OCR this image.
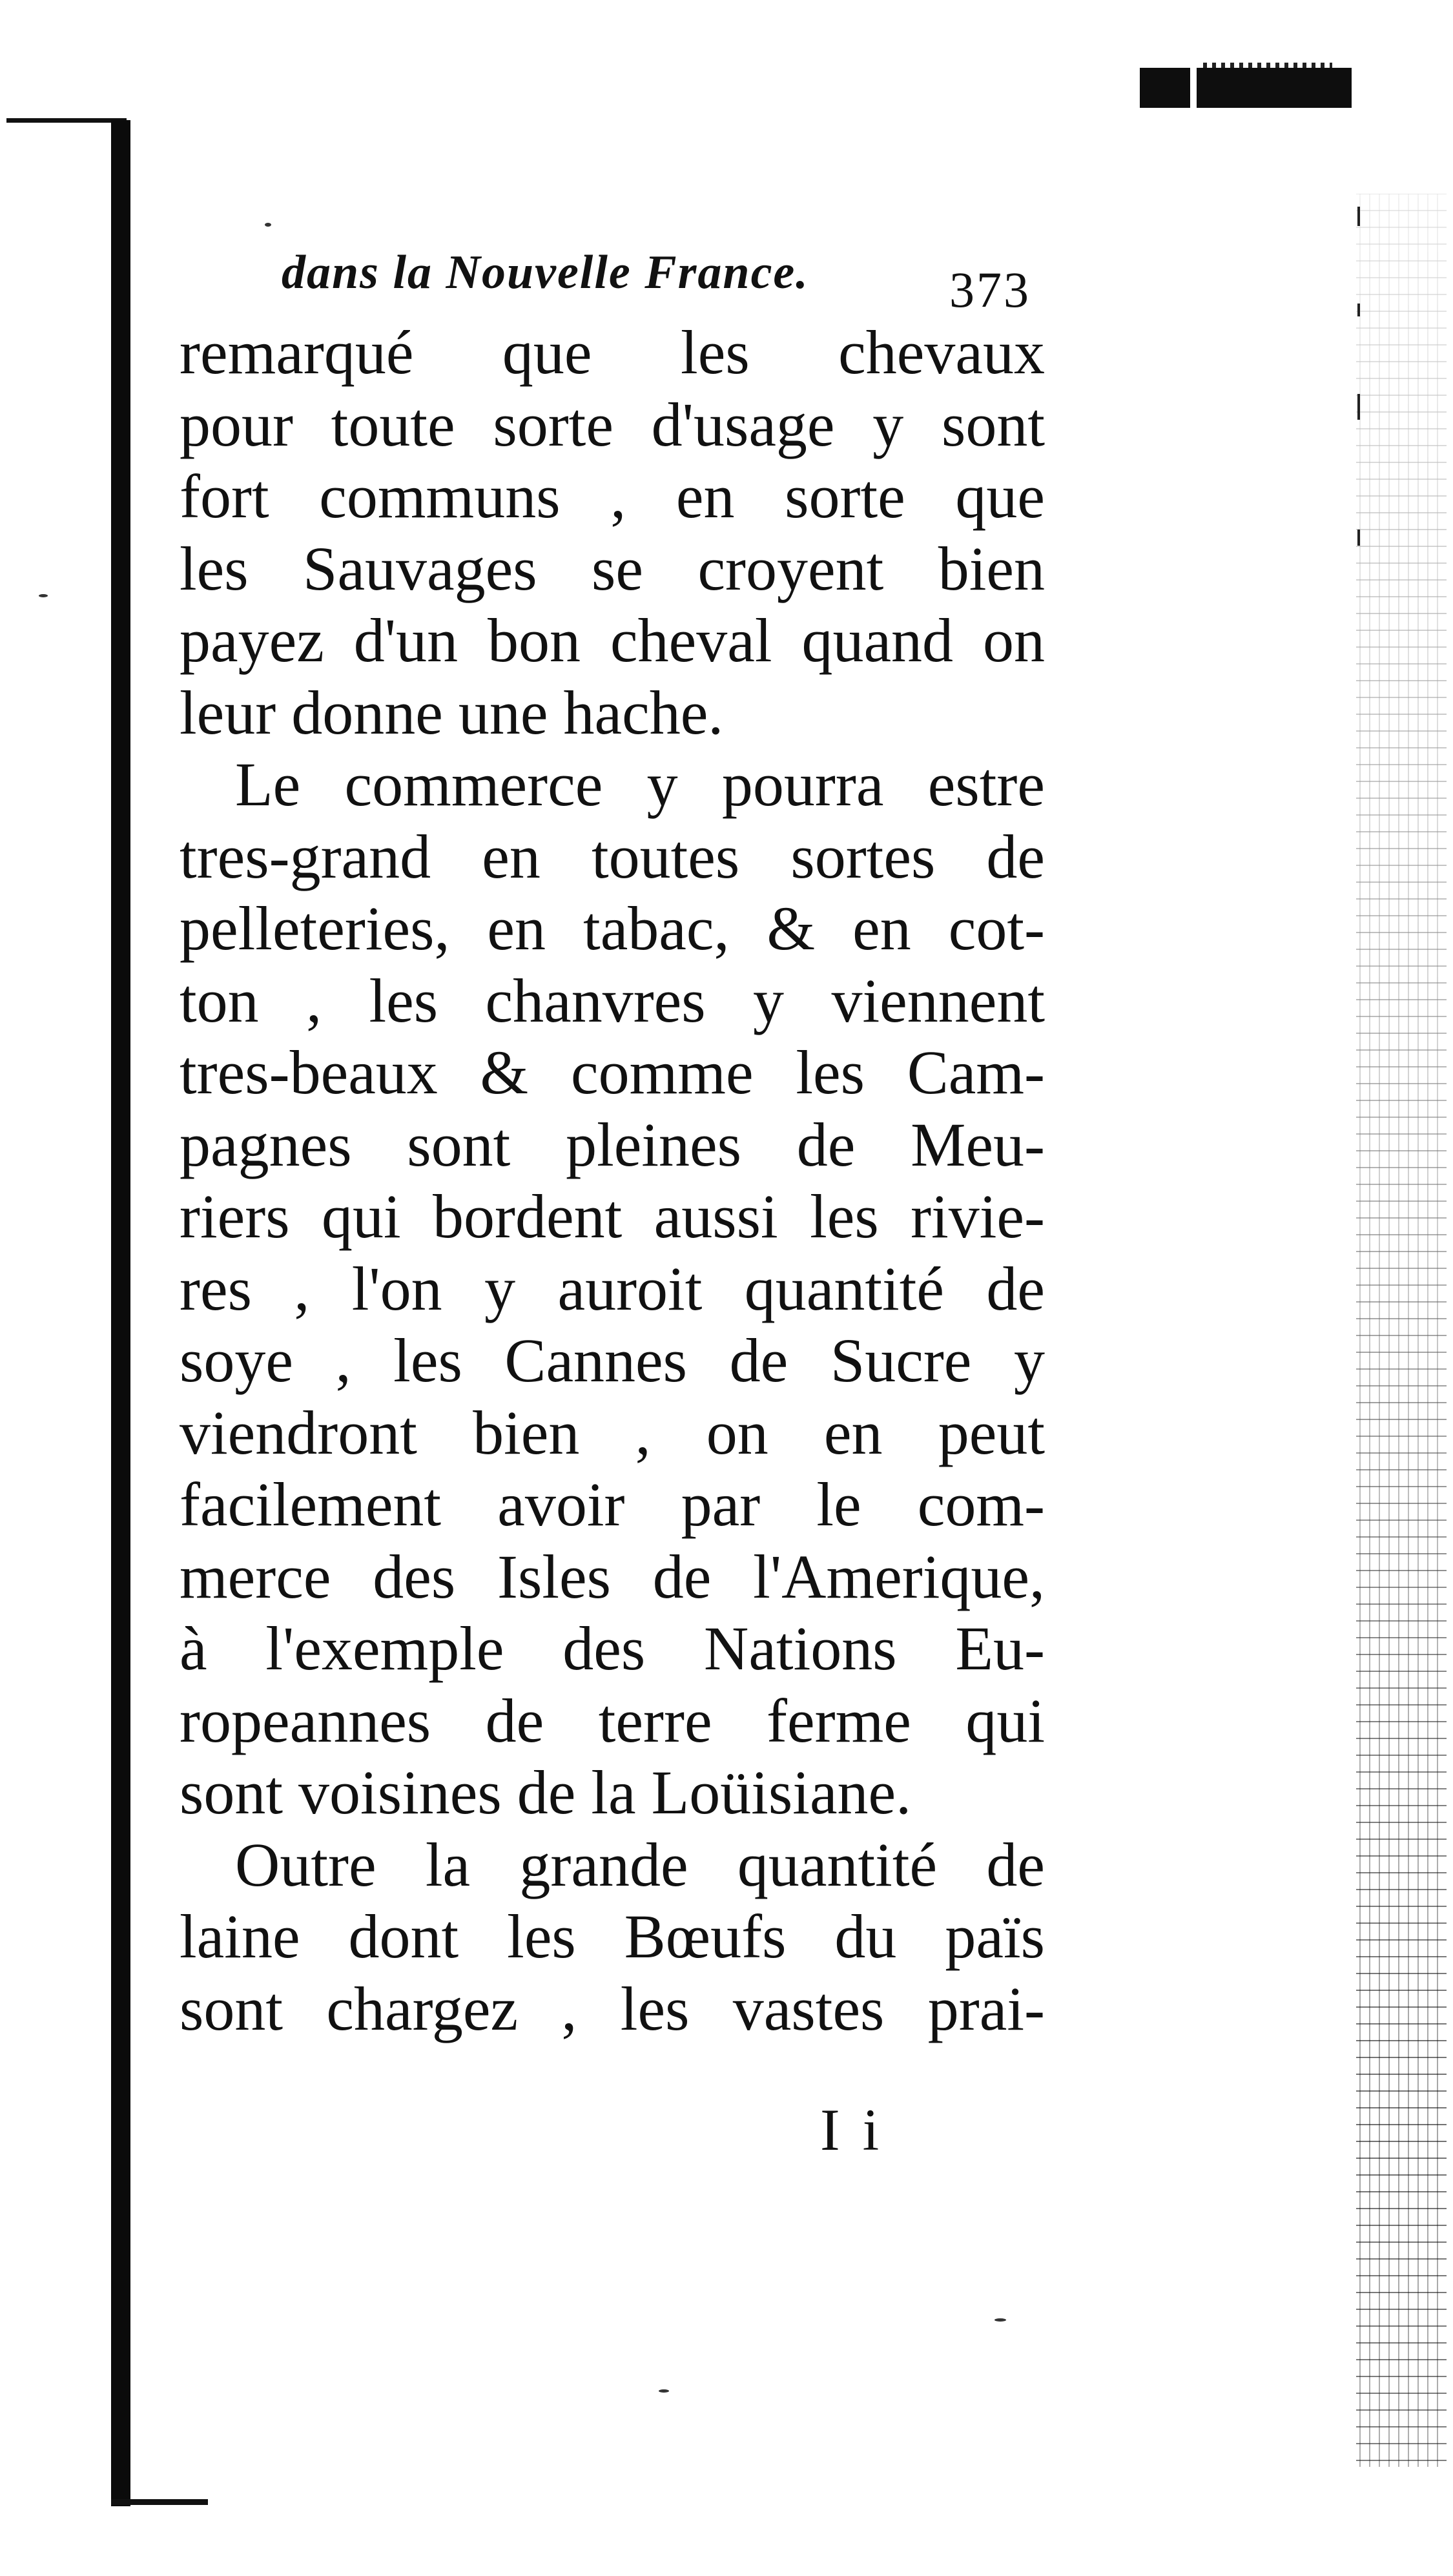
dans la Nouvelle France.	373
remarqué que les chevaux
pour toute sorte d'usage y sont
fort communs , en sorte que
les Sauvages se croyent bien
payez d'un bon cheval quand on
leur donne une hache.
Le commerce y pourra estre
tres-grand en toutes sortes de
pelleteries, en tabac, & en cot-
ton , les chanvres y viennent
tres-beaux & comme les Cam-
pagnes sont pleines de Meu-
riers qui bordent aussi les rivie-
res , l'on y auroit quantité de
soye , les Cannes de Sucre y
viendront bien , on en peut
facilement avoir par le com-
merce des Isles de l'Amerique,
à l'exemple des Nations Eu-
ropeannes de terre ferme qui
sont voisines de la Loüisiane.
Outre la grande quantité de
laine dont les Bœufs du païs
sont chargez , les vastes prai-
I i
